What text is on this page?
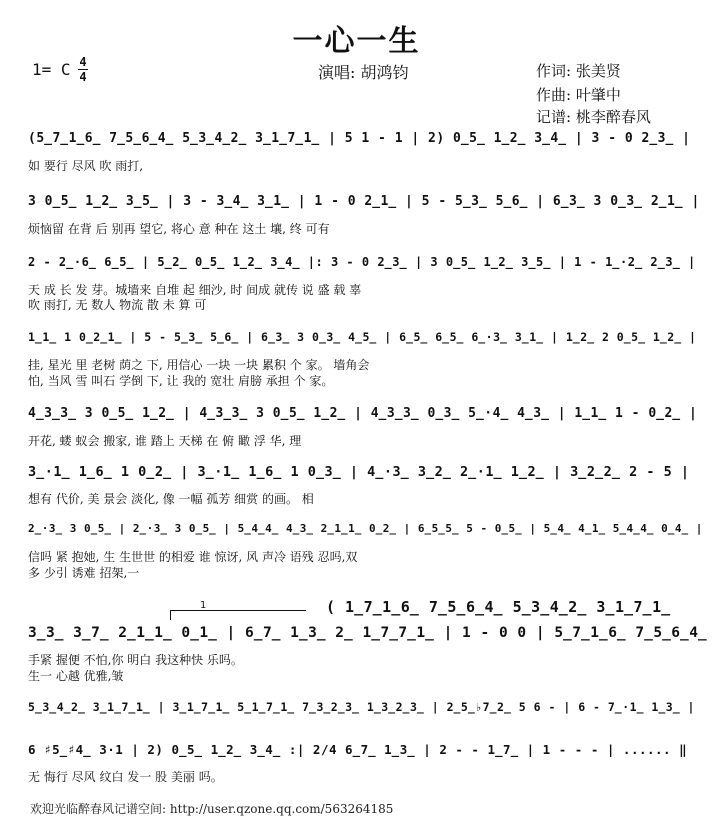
一心一生
1= C 4
4	演唱: 胡鸿钧	作词: 张美贤
作曲: 叶肇中
记谱: 桃李醉春风
(5̲7̲1̲6̲ 7̲5̲6̲4̲ 5̲3̲4̲2̲ 3̲1̲7̲1̲ | 5 1 - 1 | 2) 0̲5̲ 1̲2̲ 3̲4̲ | 3 - 0 2̲3̲ |
如 要行 尽风 吹 雨打,
3 0̲5̲ 1̲2̲ 3̲5̲ | 3 - 3̲4̲ 3̲1̲ | 1 - 0 2̲1̲ | 5 - 5̲3̲ 5̲6̲ | 6̲3̲ 3 0̲3̲ 2̲1̲ |
烦恼留 在背 后 别再 望它, 将心 意 种在 这土 壤, 终 可有
2 - 2̲·6̲ 6̲5̲ | 5̲2̲ 0̲5̲ 1̲2̲ 3̲4̲ |: 3 - 0 2̲3̲ | 3 0̲5̲ 1̲2̲ 3̲5̲ | 1 - 1̲·2̲ 2̲3̲ |
天 成 长 发 芽。城墙来 自堆 起 细沙, 时 间成 就传 说 盛 载 辜
吹 雨打, 无 数人 物流 散 未 算 可
1̲1̲ 1 0̲2̲1̲ | 5 - 5̲3̲ 5̲6̲ | 6̲3̲ 3 0̲3̲ 4̲5̲ | 6̲5̲ 6̲5̲ 6̲·3̲ 3̲1̲ | 1̲2̲ 2 0̲5̲ 1̲2̲ |
挂, 星光 里 老树 荫之 下, 用信心 一块 一块 累积 个 家。 墙角会
怕, 当风 雪 叫石 学倒 下, 让 我的 宽壮 肩膀 承担 个 家。
4̲3̲3̲ 3 0̲5̲ 1̲2̲ | 4̲3̲3̲ 3 0̲5̲ 1̲2̲ | 4̲3̲3̲ 0̲3̲ 5̲·4̲ 4̲3̲ | 1̲1̲ 1 - 0̲2̲ |
开花, 蝼 蚁会 搬家, 谁 踏上 天梯 在 俯 瞰 浮 华, 理
3̲·1̲ 1̲6̲ 1 0̲2̲ | 3̲·1̲ 1̲6̲ 1 0̲3̲ | 4̲·3̲ 3̲2̲ 2̲·1̲ 1̲2̲ | 3̲2̲2̲ 2 - 5 |
想有 代价, 美 景会 淡化, 像 一幅 孤芳 细赏 的画。 相
2̲·3̲ 3 0̲5̲ | 2̲·3̲ 3 0̲5̲ | 5̲4̲4̲ 4̲3̲ 2̲1̲1̲ 0̲2̲ | 6̲5̲5̲ 5 - 0̲5̲ | 5̲4̲ 4̲1̲ 5̲4̲4̲ 0̲4̲ |
信吗 紧 抱她, 生 生世世 的相爱 谁 惊讶, 风 声冷 语残 忍吗,双
多 少引 诱难 招架,一
( 1̲7̲1̲6̲ 7̲5̲6̲4̲ 5̲3̲4̲2̲ 3̲1̲7̲1̲
1
3̲3̲ 3̲7̲ 2̲1̲1̲ 0̲1̲ | 6̲7̲ 1̲3̲ 2̲ 1̲7̲7̲1̲ | 1 - 0 0 | 5̲7̲1̲6̲ 7̲5̲6̲4̲
手紧 握便 不怕,你 明白 我这种快 乐吗。
生一 心越 优雅,皱
5̲3̲4̲2̲ 3̲1̲7̲1̲ | 3̲1̲7̲1̲ 5̲1̲7̲1̲ 7̲3̲2̲3̲ 1̲3̲2̲3̲ | 2̲5̲♭7̲2̲ 5 6 - | 6 - 7̲·1̲ 1̲3̲ |
6 ♯5̲♯4̲ 3·1 | 2) 0̲5̲ 1̲2̲ 3̲4̲ :| 2/4 6̲7̲ 1̲3̲ | 2 - - 1̲7̲ | 1 - - - | ...... ‖
无 悔行 尽风 纹白 发一 股 美丽 吗。
欢迎光临醉春风记谱空间: http://user.qzone.qq.com/563264185
